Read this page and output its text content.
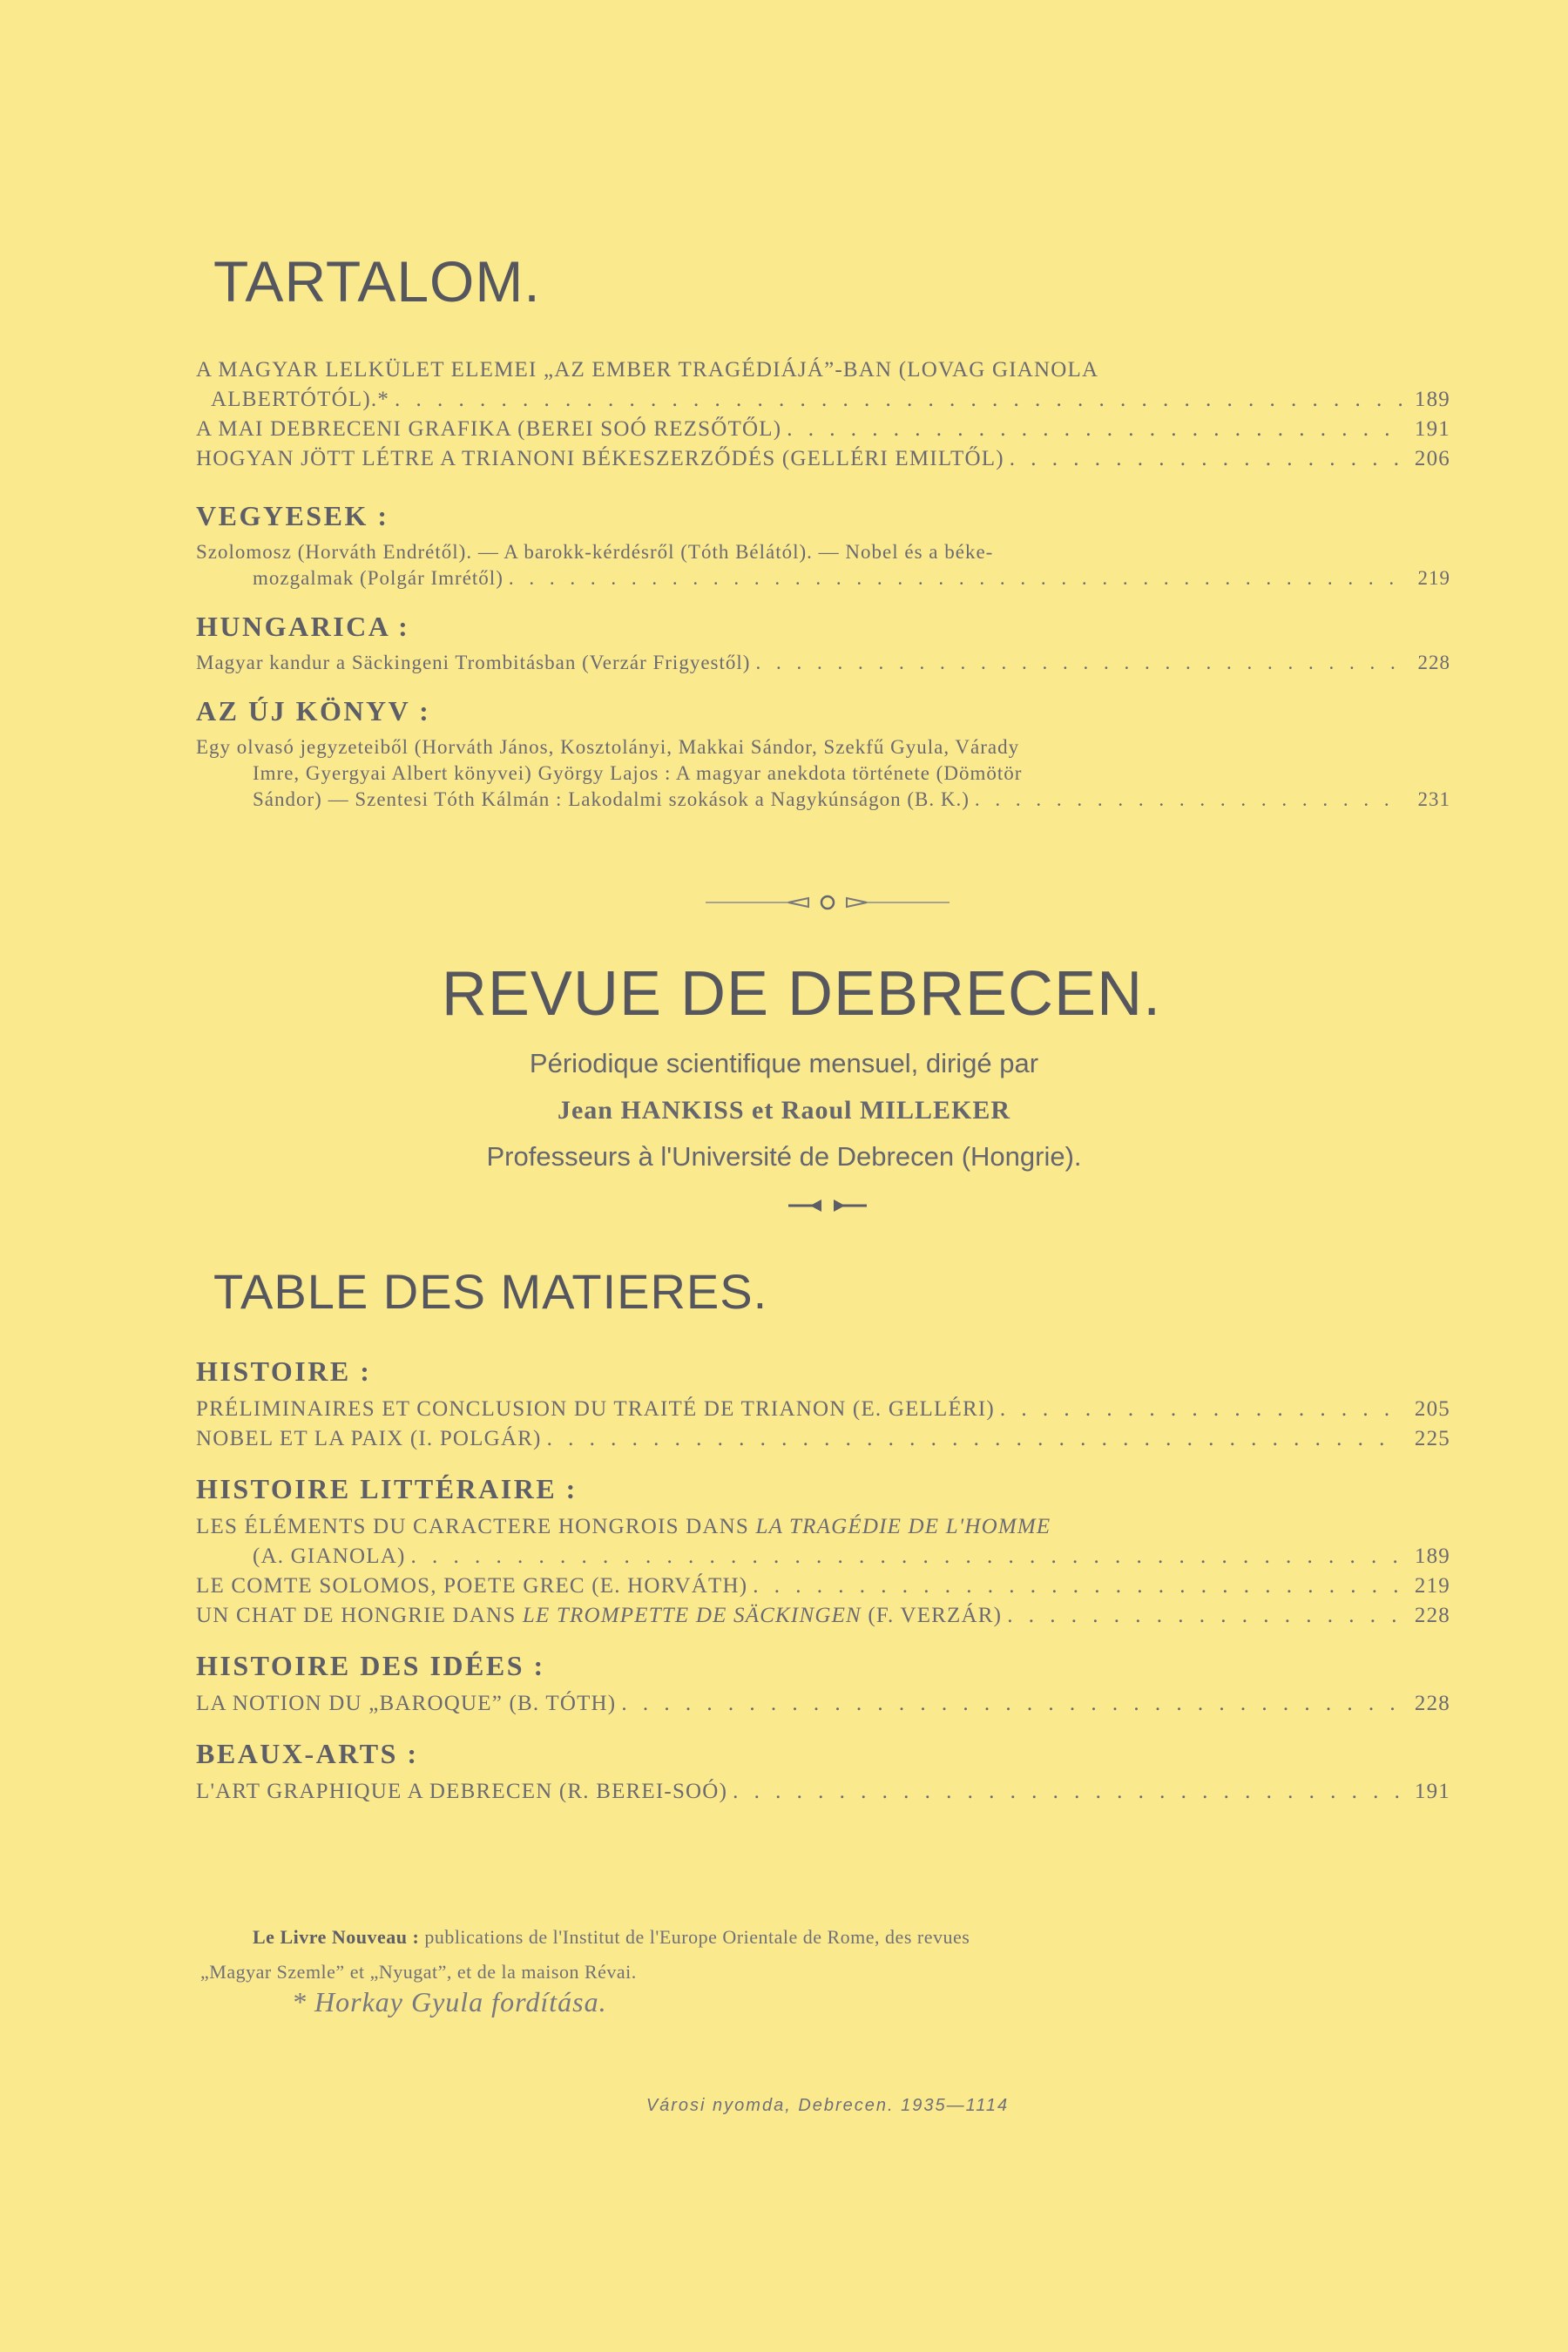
TARTALOM.
A MAGYAR LELKÜLET ELEMEI „AZ EMBER TRAGÉDIÁJÁ”-BAN (LOVAG GIANOLA
ALBERTÓTÓL).* . . .	189
A MAI DEBRECENI GRAFIKA (BEREI SOÓ REZSŐTŐL) . . .	191
HOGYAN JÖTT LÉTRE A TRIANONI BÉKESZERZŐDÉS (GELLÉRI EMILTŐL) . . .	206
VEGYESEK :
Szolomosz (Horváth Endrétől). — A barokk-kérdésről (Tóth Bélától). — Nobel és a béke-
mozgalmak (Polgár Imrétől) . . .	219
HUNGARICA :
Magyar kandur a Säckingeni Trombitásban (Verzár Frigyestől) . . .	228
AZ ÚJ KÖNYV :
Egy olvasó jegyzeteiből (Horváth János, Kosztolányi, Makkai Sándor, Szekfű Gyula, Várady
Imre, Gyergyai Albert könyvei) György Lajos : A magyar anekdota története (Dömötör
Sándor) — Szentesi Tóth Kálmán : Lakodalmi szokások a Nagykúnságon (B. K.) . . .	231
REVUE DE DEBRECEN.
Périodique scientifique mensuel, dirigé par
Jean HANKISS et Raoul MILLEKER
Professeurs à l'Université de Debrecen (Hongrie).
TABLE DES MATIERES.
HISTOIRE :
PRÉLIMINAIRES ET CONCLUSION DU TRAITÉ DE TRIANON (E. GELLÉRI) . . .	205
NOBEL ET LA PAIX (I. POLGÁR) . . .	225
HISTOIRE LITTÉRAIRE :
LES ÉLÉMENTS DU CARACTERE HONGROIS DANS LA TRAGÉDIE DE L'HOMME
(A. GIANOLA) . . .	189
LE COMTE SOLOMOS, POETE GREC (E. HORVÁTH) . . .	219
UN CHAT DE HONGRIE DANS LE TROMPETTE DE SÄCKINGEN (F. VERZÁR) . . .	228
HISTOIRE DES IDÉES :
LA NOTION DU „BAROQUE” (B. TÓTH) . . .	228
BEAUX-ARTS :
L'ART GRAPHIQUE A DEBRECEN (R. BEREI-SOÓ) . . .	191
Le Livre Nouveau : publications de l'Institut de l'Europe Orientale de Rome, des revues
„Magyar Szemle” et „Nyugat”, et de la maison Révai.
* Horkay Gyula fordítása.
Városi nyomda, Debrecen. 1935—1114
